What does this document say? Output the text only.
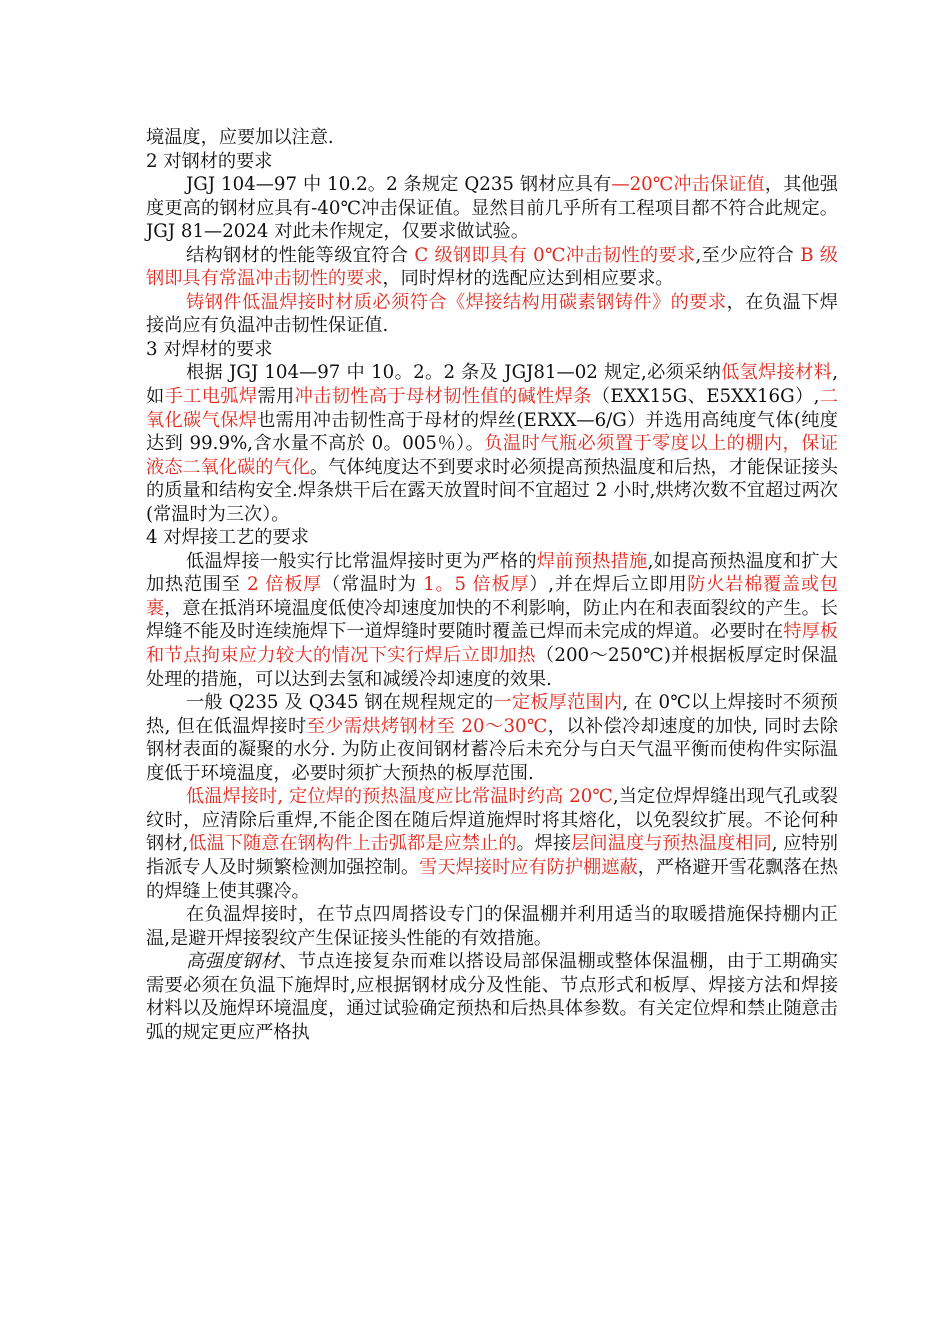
境温度，应要加以注意.

2 对钢材的要求

JGJ 104—97 中 10.2。2 条规定 Q235 钢材应具有—20℃冲击保证值，其他强度更高的钢材应具有-40℃冲击保证值。显然目前几乎所有工程项目都不符合此规定。JGJ 81—2024 对此未作规定，仅要求做试验。

结构钢材的性能等级宜符合 C 级钢即具有 0℃冲击韧性的要求,至少应符合 B 级钢即具有常温冲击韧性的要求，同时焊材的选配应达到相应要求。

铸钢件低温焊接时材质必须符合《焊接结构用碳素钢铸件》的要求，在负温下焊接尚应有负温冲击韧性保证值.

3 对焊材的要求

根据 JGJ 104—97 中 10。2。2 条及 JGJ81—02 规定,必须采纳低氢焊接材料,如手工电弧焊需用冲击韧性高于母材韧性值的碱性焊条（EXX15G、E5XX16G）,二氧化碳气保焊也需用冲击韧性高于母材的焊丝(ERXX—6/G）并选用高纯度气体(纯度达到 99.9%,含水量不高於 0。005％）。负温时气瓶必须置于零度以上的棚内，保证液态二氧化碳的气化。气体纯度达不到要求时必须提高预热温度和后热，才能保证接头的质量和结构安全.焊条烘干后在露天放置时间不宜超过 2 小时,烘烤次数不宜超过两次(常温时为三次）。

4 对焊接工艺的要求

低温焊接一般实行比常温焊接时更为严格的焊前预热措施,如提高预热温度和扩大加热范围至 2 倍板厚（常温时为 1。5 倍板厚）,并在焊后立即用防火岩棉覆盖或包裹，意在抵消环境温度低使冷却速度加快的不利影响，防止内在和表面裂纹的产生。长焊缝不能及时连续施焊下一道焊缝时要随时覆盖已焊而未完成的焊道。必要时在特厚板和节点拘束应力较大的情况下实行焊后立即加热（200～250℃)并根据板厚定时保温处理的措施，可以达到去氢和减缓冷却速度的效果.

一般 Q235 及 Q345 钢在规程规定的一定板厚范围内, 在 0℃以上焊接时不须预热, 但在低温焊接时至少需烘烤钢材至 20～30℃，以补偿冷却速度的加快, 同时去除钢材表面的凝聚的水分. 为防止夜间钢材蓄冷后未充分与白天气温平衡而使构件实际温度低于环境温度，必要时须扩大预热的板厚范围.

低温焊接时, 定位焊的预热温度应比常温时约高 20℃,当定位焊焊缝出现气孔或裂纹时，应清除后重焊,不能企图在随后焊道施焊时将其熔化，以免裂纹扩展。不论何种钢材,低温下随意在钢构件上击弧都是应禁止的。焊接层间温度与预热温度相同, 应特别指派专人及时频繁检测加强控制。雪天焊接时应有防护棚遮蔽，严格避开雪花飘落在热的焊缝上使其骤冷。

在负温焊接时，在节点四周搭设专门的保温棚并利用适当的取暖措施保持棚内正温,是避开焊接裂纹产生保证接头性能的有效措施。

高强度钢材、节点连接复杂而难以搭设局部保温棚或整体保温棚，由于工期确实需要必须在负温下施焊时,应根据钢材成分及性能、节点形式和板厚、焊接方法和焊接材料以及施焊环境温度，通过试验确定预热和后热具体参数。有关定位焊和禁止随意击弧的规定更应严格执
